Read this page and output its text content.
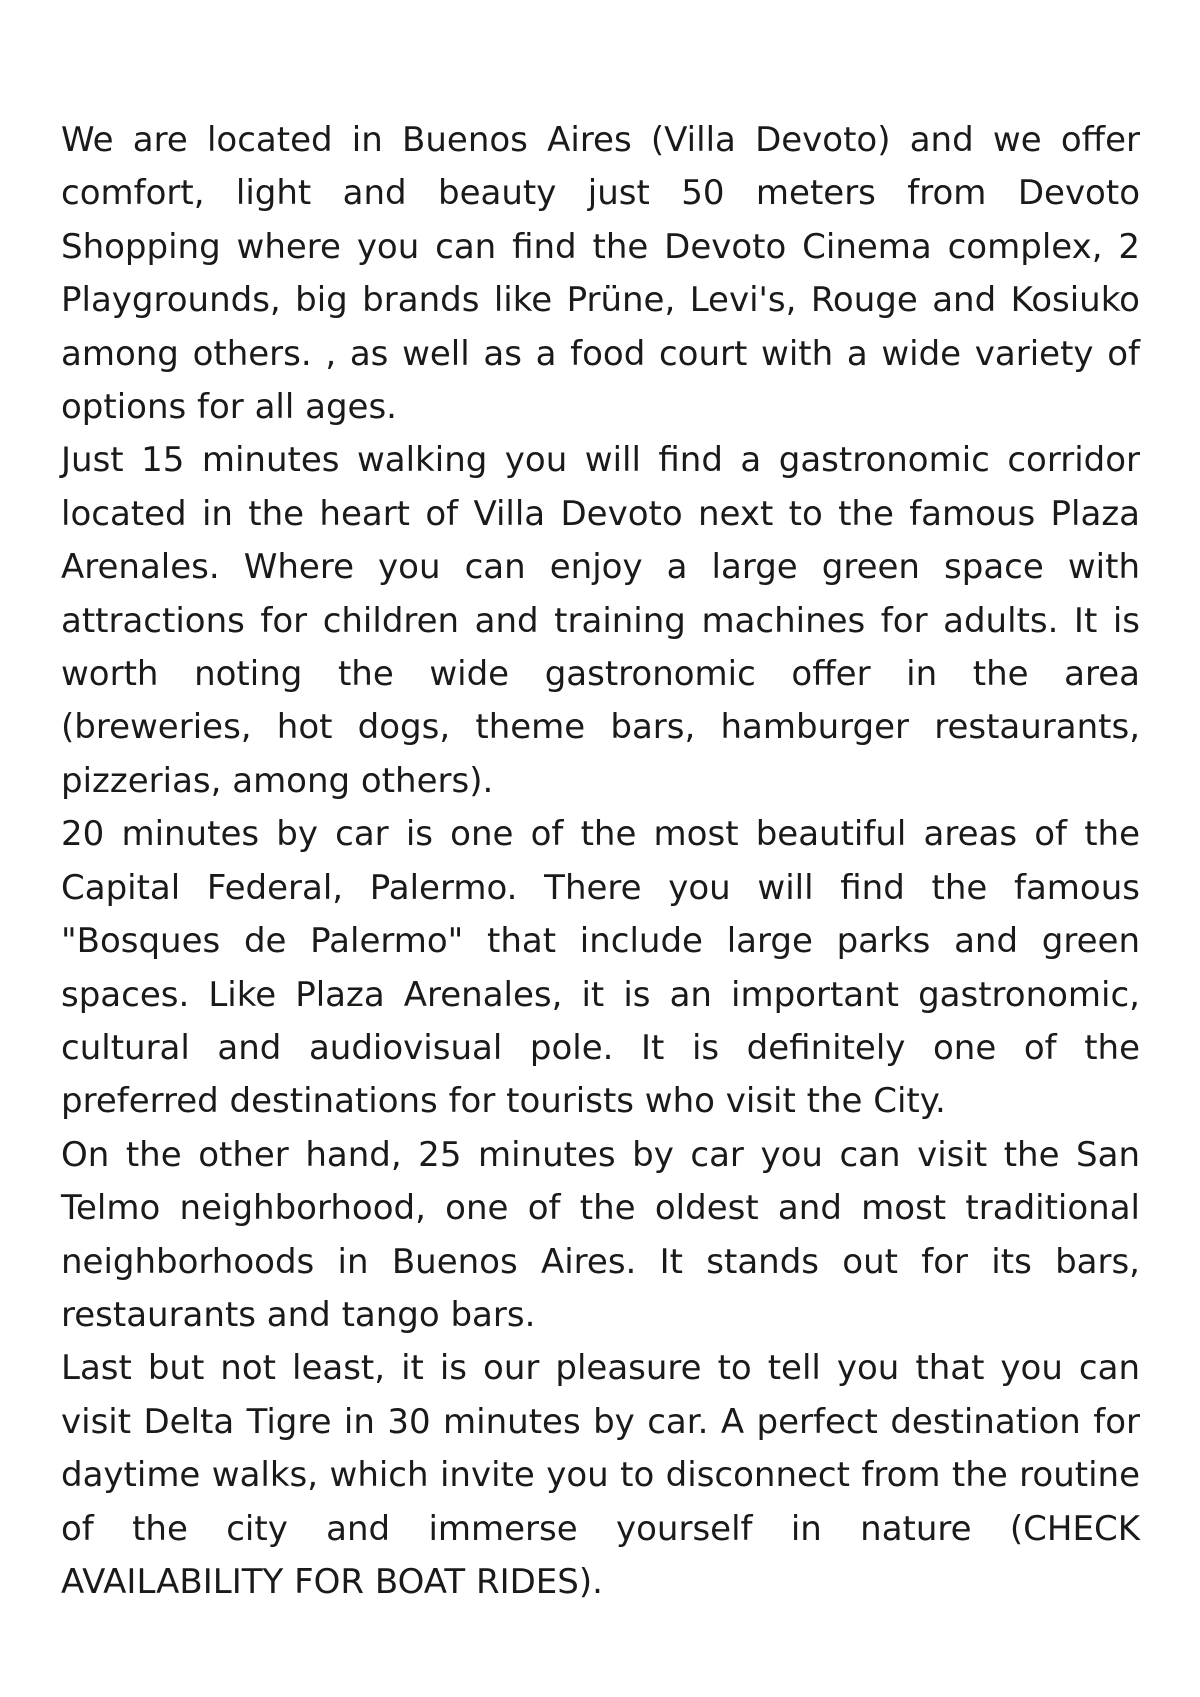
We are located in Buenos Aires (Villa Devoto) and we offer comfort, light and beauty just 50 meters from Devoto Shopping where you can find the Devoto Cinema complex, 2 Playgrounds, big brands like Prüne, Levi's, Rouge and Kosiuko among others. , as well as a food court with a wide variety of options for all ages.

Just 15 minutes walking you will find a gastronomic corridor located in the heart of Villa Devoto next to the famous Plaza Arenales. Where you can enjoy a large green space with attractions for children and training machines for adults. It is worth noting the wide gastronomic offer in the area (breweries, hot dogs, theme bars, hamburger restaurants, pizzerias, among others).

20 minutes by car is one of the most beautiful areas of the Capital Federal, Palermo. There you will find the famous "Bosques de Palermo" that include large parks and green spaces. Like Plaza Arenales, it is an important gastronomic, cultural and audiovisual pole. It is definitely one of the preferred destinations for tourists who visit the City.

On the other hand, 25 minutes by car you can visit the San Telmo neighborhood, one of the oldest and most traditional neighborhoods in Buenos Aires. It stands out for its bars, restaurants and tango bars.

Last but not least, it is our pleasure to tell you that you can visit Delta Tigre in 30 minutes by car. A perfect destination for daytime walks, which invite you to disconnect from the routine of the city and immerse yourself in nature (CHECK AVAILABILITY FOR BOAT RIDES).
